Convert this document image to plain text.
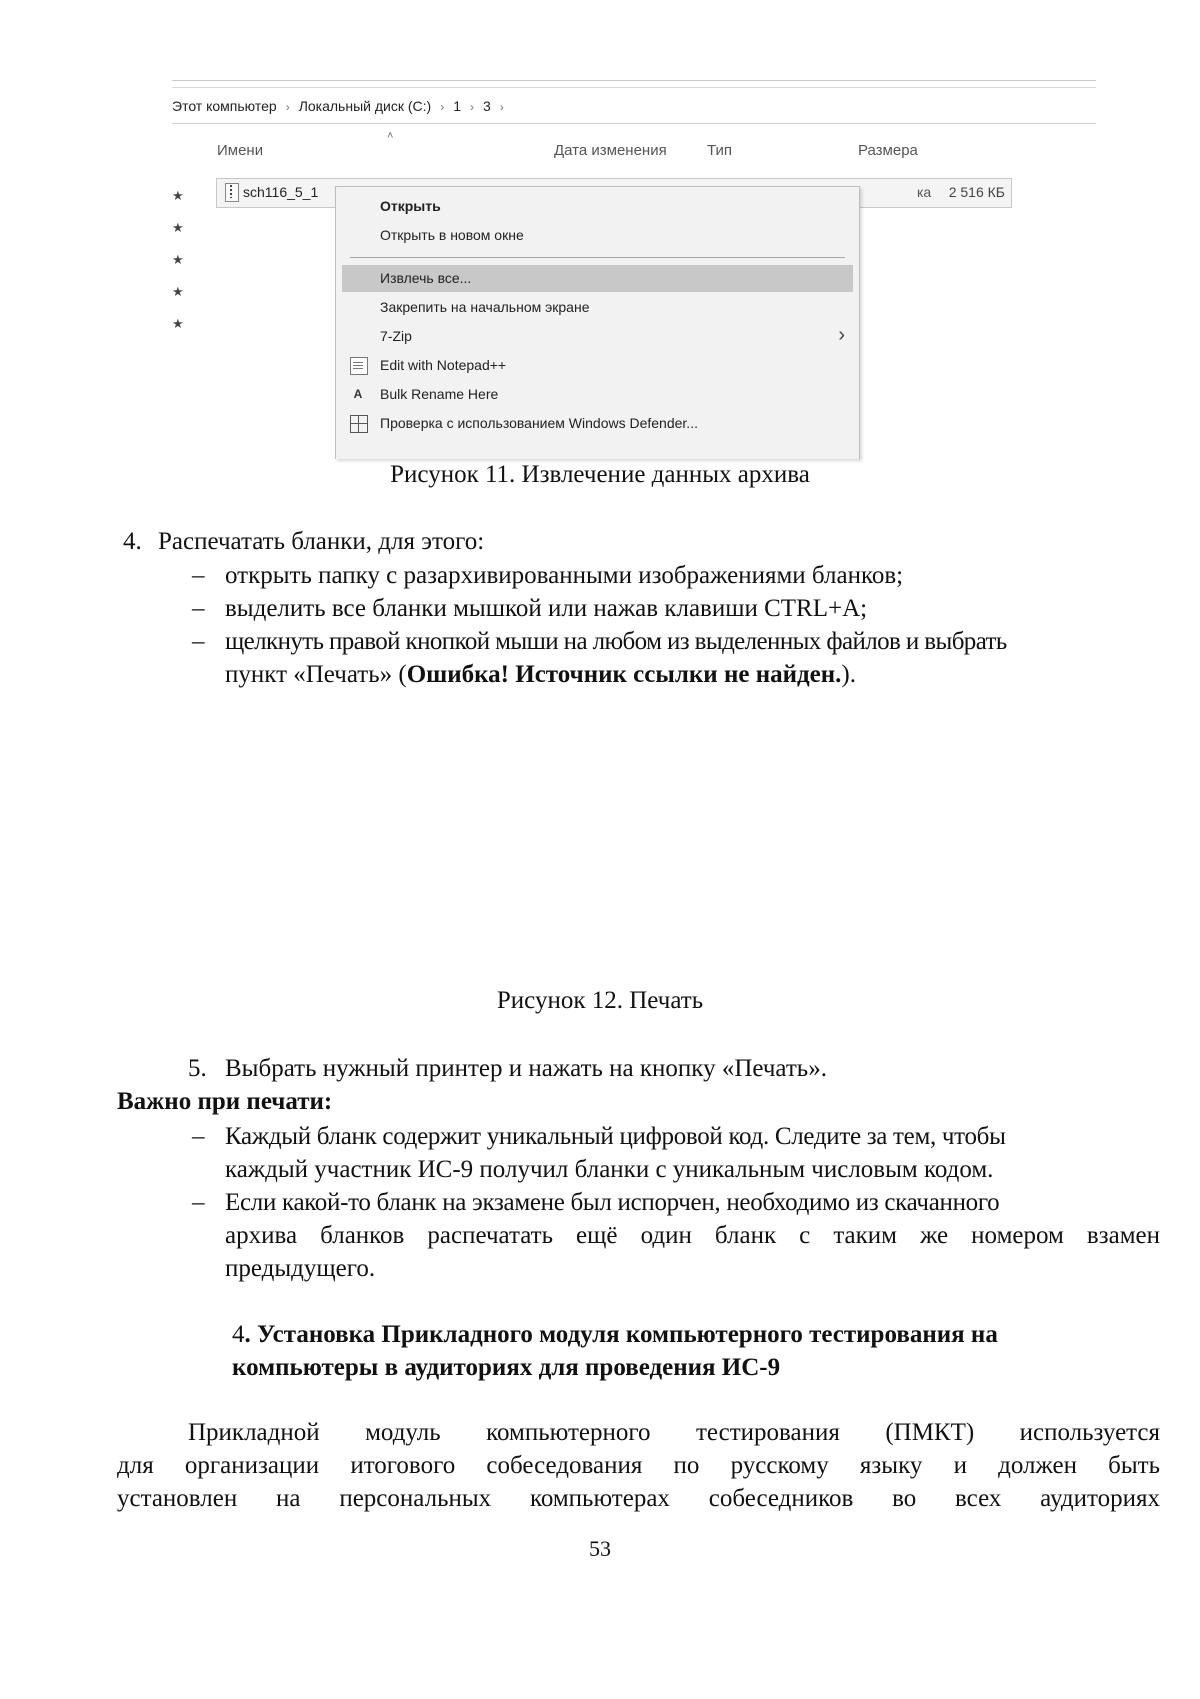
Этот компьютер › Локальный диск (C:) › 1 › 3 ›
˄
Имени	Дата изменения	Тип	Размера
★
★
★
★
★
sch116_5_1	ка 2 516 КБ
Открыть
Открыть в новом окне
Извлечь все...
Закрепить на начальном экране
7-Zip	›
Edit with Notepad++
A Bulk Rename Here
Проверка с использованием Windows Defender...
Рисунок 11. Извлечение данных архива
4. Распечатать бланки, для этого:
– открыть папку с разархивированными изображениями бланков;
– выделить все бланки мышкой или нажав клавиши CTRL+A;
– щелкнуть правой кнопкой мыши на любом из выделенных файлов и выбрать
пункт «Печать» (Ошибка! Источник ссылки не найден.).
Рисунок 12. Печать
5. Выбрать нужный принтер и нажать на кнопку «Печать».
Важно при печати:
– Каждый бланк содержит уникальный цифровой код. Следите за тем, чтобы
каждый участник ИС-9 получил бланки с уникальным числовым кодом.
– Если какой-то бланк на экзамене был испорчен, необходимо из скачанного
архива бланков распечатать ещё один бланк с таким же номером взамен
предыдущего.
4. Установка Прикладного модуля компьютерного тестирования на
компьютеры в аудиториях для проведения ИС-9
Прикладной модуль компьютерного тестирования (ПМКТ) используется
для организации итогового собеседования по русскому языку и должен быть
установлен на персональных компьютерах собеседников во всех аудиториях
53
